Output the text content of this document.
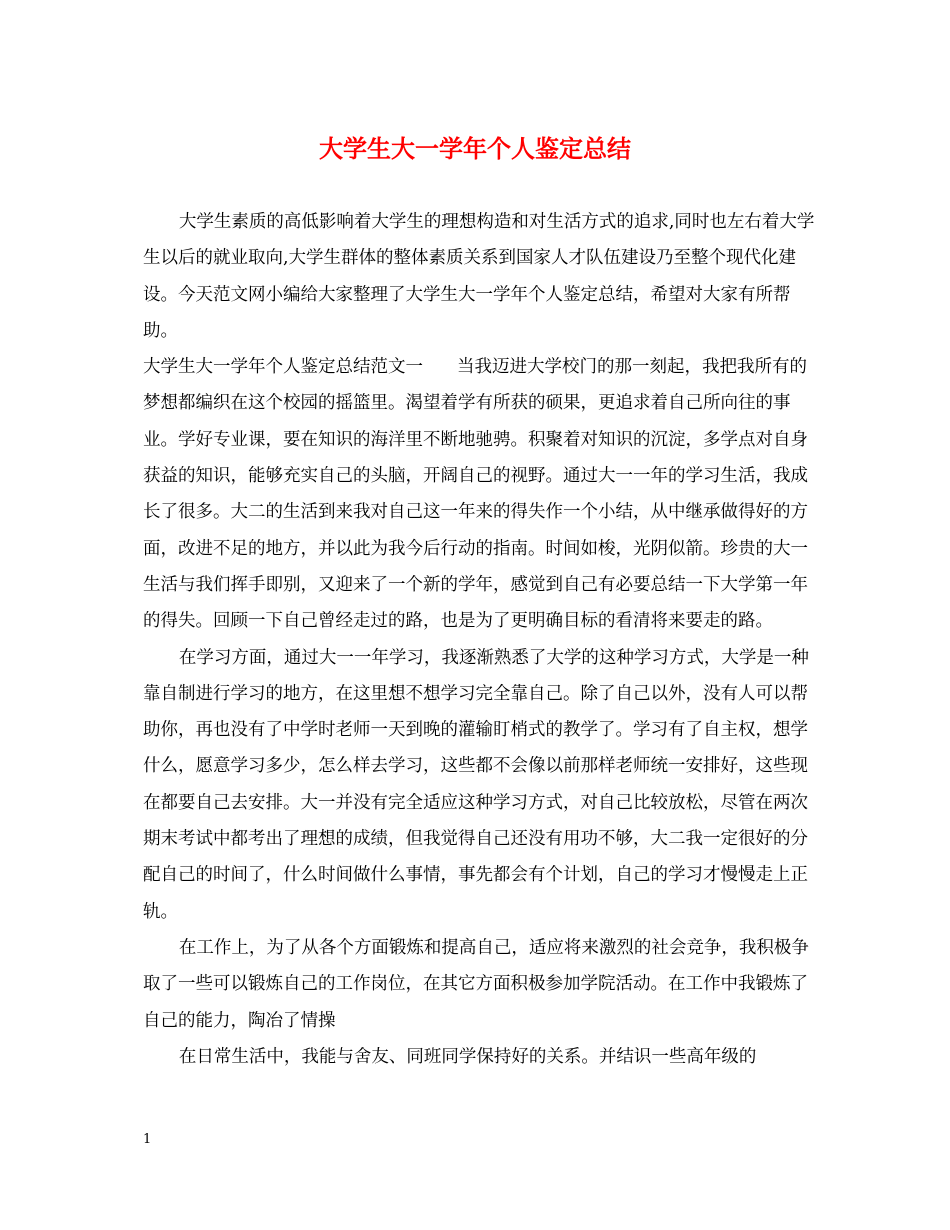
大学生大一学年个人鉴定总结

大学生素质的高低影响着大学生的理想构造和对生活方式的追求,同时也左右着大学生以后的就业取向,大学生群体的整体素质关系到国家人才队伍建设乃至整个现代化建设。今天范文网小编给大家整理了大学生大一学年个人鉴定总结，希望对大家有所帮助。

大学生大一学年个人鉴定总结范文一 当我迈进大学校门的那一刻起，我把我所有的梦想都编织在这个校园的摇篮里。渴望着学有所获的硕果，更追求着自己所向往的事业。学好专业课，要在知识的海洋里不断地驰骋。积聚着对知识的沉淀，多学点对自身获益的知识，能够充实自己的头脑，开阔自己的视野。通过大一一年的学习生活，我成长了很多。大二的生活到来我对自己这一年来的得失作一个小结，从中继承做得好的方面，改进不足的地方，并以此为我今后行动的指南。时间如梭，光阴似箭。珍贵的大一生活与我们挥手即别，又迎来了一个新的学年，感觉到自己有必要总结一下大学第一年的得失。回顾一下自己曾经走过的路，也是为了更明确目标的看清将来要走的路。

在学习方面，通过大一一年学习，我逐渐熟悉了大学的这种学习方式，大学是一种靠自制进行学习的地方，在这里想不想学习完全靠自己。除了自己以外，没有人可以帮助你，再也没有了中学时老师一天到晚的灌输盯梢式的教学了。学习有了自主权，想学什么，愿意学习多少，怎么样去学习，这些都不会像以前那样老师统一安排好，这些现在都要自己去安排。大一并没有完全适应这种学习方式，对自己比较放松，尽管在两次期末考试中都考出了理想的成绩，但我觉得自己还没有用功不够，大二我一定很好的分配自己的时间了，什么时间做什么事情，事先都会有个计划，自己的学习才慢慢走上正轨。

在工作上，为了从各个方面锻炼和提高自己，适应将来激烈的社会竞争，我积极争取了一些可以锻炼自己的工作岗位，在其它方面积极参加学院活动。在工作中我锻炼了自己的能力，陶冶了情操

在日常生活中，我能与舍友、同班同学保持好的关系。并结识一些高年级的

1
